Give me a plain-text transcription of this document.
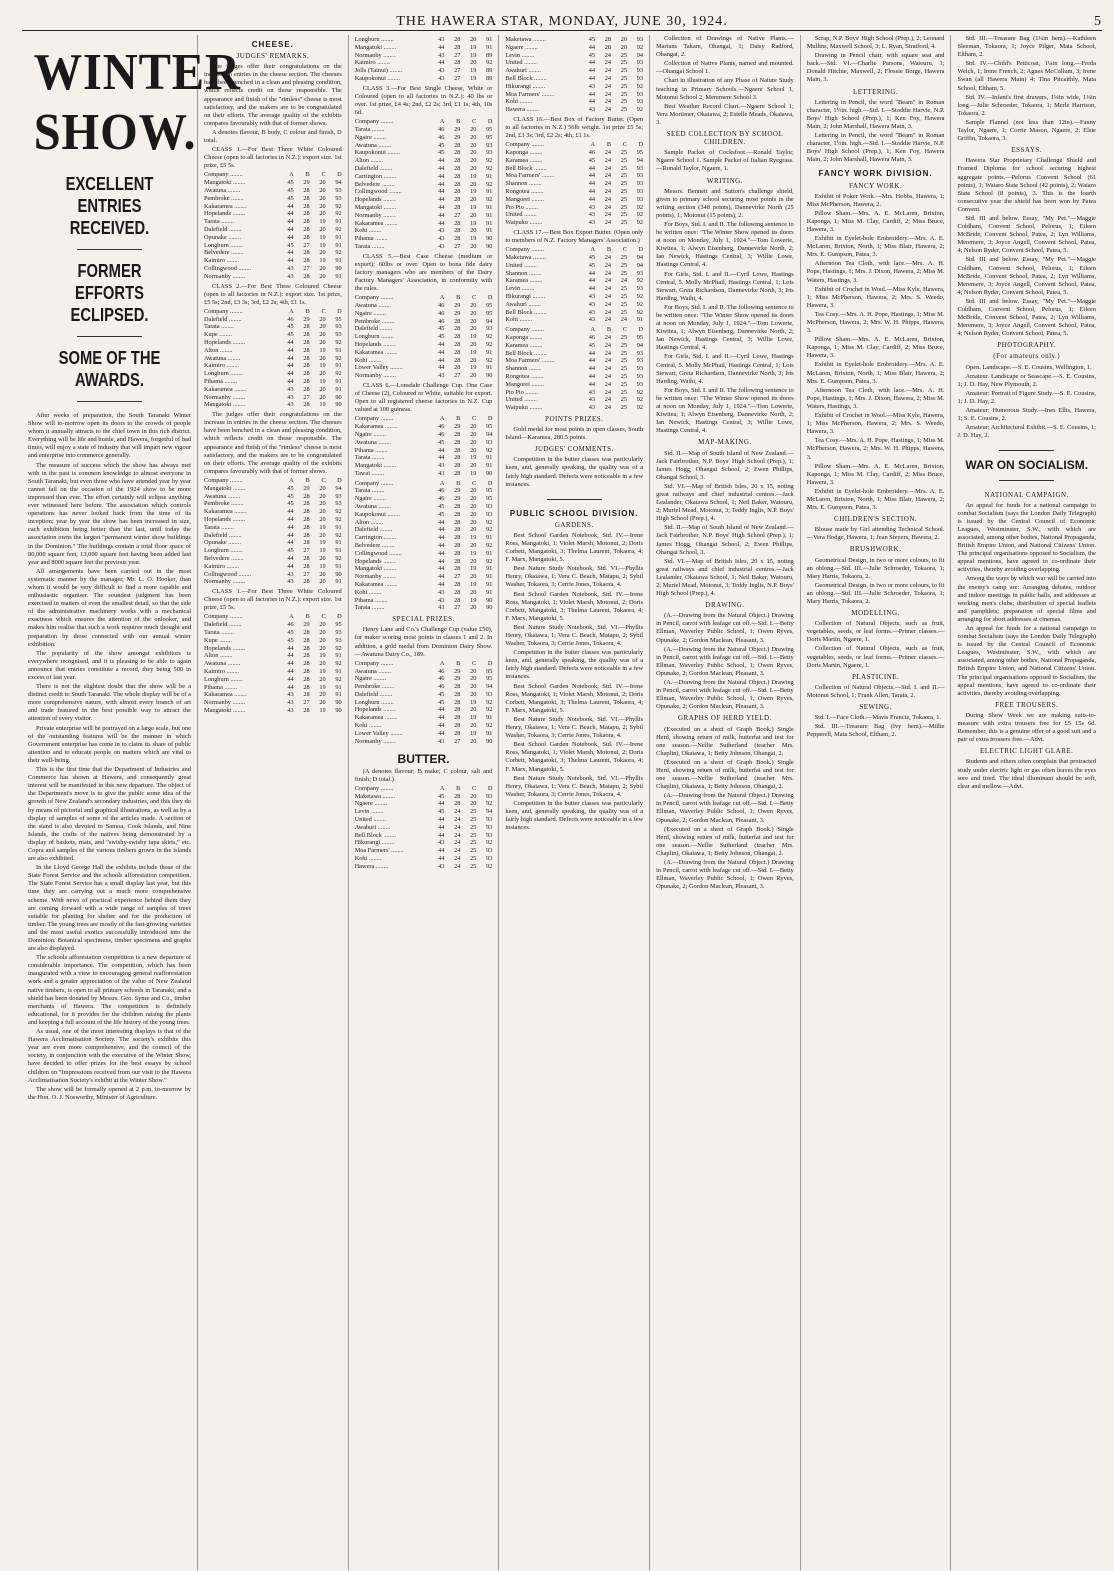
THE HAWERA STAR, MONDAY, JUNE 30, 1924.	5
WINTER SHOW.
EXCELLENT ENTRIES RECEIVED.
FORMER EFFORTS ECLIPSED.
SOME OF THE AWARDS.

After weeks of preparation, the South Taranaki Winter Show will to-morrow open its doors to the crowds of people whom it annually attracts to the chief town in this rich district. Everything will be life and bustle, and Hawera, forgetful of bad times, will enjoy a state of industry that will impart new vigour and enterprise into commerce generally.

The measure of success which the show has always met with in the past is common knowledge to almost everyone in South Taranaki, but even those who have attended year by year cannot fail on the occasion of the 1924 show to be more impressed than ever. The effort certainly will eclipse anything ever witnessed here before. The association which controls operations has never looked back from the time of its inception; year by year the show has been increased in size, each exhibition being better than the last, until today the association owns the largest "permanent winter show buildings in the Dominion." The buildings contain a total floor space of 80,000 square feet, 13,000 square feet having been added last year and 8000 square feet the previous year.

All arrangements have been carried out in the most systematic manner by the manager, Mr. L. O. Hooker, than whom it would be very difficult to find a more capable and enthusiastic organiser. The soundest judgment has been exercised in matters of even the smallest detail, so that the side of the administrative machinery works with a mechanical exactness which ensures the attention of the onlooker, and makes him realise that such a work requires much thought and preparation by those connected with our annual winter exhibition.

The popularity of the show amongst exhibitors is everywhere recognised, and it is pleasing to be able to again announce that entries constitute a record, they being 500 in excess of last year.

There is not the slightest doubt that the show will be a distinct credit to South Taranaki. The whole display will be of a more comprehensive nature, with almost every branch of art and trade featured in the best possible way to attract the attention of every visitor.

Private enterprise will be portrayed on a large scale, but one of the outstanding features will be the manner in which Government enterprise has come in to claim its share of public attention and to educate people on matters which are vital to their well-being.

This is the first time that the Department of Industries and Commerce has shown at Hawera, and consequently great interest will be manifested in this new departure. The object of the Department's move is to give the public some idea of the growth of New Zealand's secondary industries, and this they do by means of pictorial and graphical illustrations, as well as by a display of samples of some of the articles made. A section of the stand is also devoted to Samoa, Cook Islands, and Nine Islands, the crafts of the natives being demonstrated by a display of baskets, mats, and "swishy-swishy tapa skirts," etc. Copra and samples of the various timbers grown in the islands are also exhibited.

In the Lloyd George Hall the exhibits include those of the State Forest Service and the schools afforestation competition. The State Forest Service has a small display last year, but this time they are carrying out a much more comprehensive scheme. With news of practical experience behind them they are coming forward with a wide range of samples of trees suitable for planting for shelter and for the production of timber. The young trees are mostly of the fast-growing varieties and the most useful exotics successfully introduced into the Dominion. Botanical specimens, timber specimens and graphs are also displayed.

The schools afforestation competition is a new departure of considerable importance. The competition, which has been inaugurated with a view to encouraging general reafforestation work and a greater appreciation of the value of New Zealand native timbers, is open to all primary schools in Taranaki, and a shield has been donated by Messrs. Geo. Syme and Co., timber merchants of Hawera. The competition is definitely educational, for it provides for the children raising the plants and keeping a full account of the life history of the young trees.

As usual, one of the most interesting displays is that of the Hawera Acclimatisation Society. The society's exhibits this year are even more comprehensive, and the council of the society, in conjunction with the executive of the Winter Show, have decided to offer prizes for the best essays by school children on "Impressions received from our visit to the Hawera Acclimatisation Society's exhibit at the Winter Show."

The show will be formally opened at 2 p.m. to-morrow by the Hon. O. J. Nosworthy, Minister of Agriculture.

CHEESE.
JUDGES' REMARKS.

The judges offer their congratulations on the increase in entries in the cheese section. The cheeses have been benched in a clean and pleasing condition, which reflects credit on those responsible. The appearance and finish of the "rimless" cheese is most satisfactory, and the makers are to be congratulated on their efforts. The average quality of the exhibits compares favourably with that of former shows.

A denotes flavour, B body, C colour and finish, D total.

CLASS 1.—For Best Three White Coloured Cheese (open to all factories in N.Z.): export size. 1st prize, £5 5s.

Company ........	A	B	C	D
Mangatoki ........	45	29	20	94
Awatuna ........	45	28	20	93
Pembroke ........	45	28	20	93
Kakaramea ........	44	28	20	92
Hopelands ........	44	28	20	92
Tarata ........	44	28	19	91
Dalefield ........	44	28	20	92
Opunake ........	44	28	19	91
Longburn ........	45	27	19	91
Belvedere ........	44	28	20	92
Kaimiro ........	44	28	19	91
Collingwood ........	43	27	20	90
Normanby ........	43	28	20	91

CLASS 2.—For Best Three Coloured Cheese (open to all factories in N.Z.): export size. 1st prize, £5 5s; 2nd, £3 3s; 3rd, £2 2s; 4th, £1 1s.

Company ........	A	B	C	D
Dalefield ........	46	29	20	95
Tarata ........	45	28	20	93
Kupe ........	45	28	20	93
Hopelands ........	44	28	20	92
Alton ........	44	28	19	91
Awatuna ........	44	28	20	92
Kaimiro ........	44	28	19	91
Longburn ........	44	28	20	92
Pihama ........	44	28	19	91
Kakaramea ........	43	28	20	91
Normanby ........	43	27	20	90
Mangatoki ........	43	28	19	90

The judges offer their congratulations on the increase in entries in the cheese section. The cheeses have been benched in a clean and pleasing condition, which reflects credit on those responsible. The appearance and finish of the "rimless" cheese is most satisfactory, and the makers are to be congratulated on their efforts. The average quality of the exhibits compares favourably with that of former shows.

Company ........	A	B	C	D
Mangatoki ........	45	29	20	94
Awatuna ........	45	28	20	93
Pembroke ........	45	28	20	93
Kakaramea ........	44	28	20	92
Hopelands ........	44	28	20	92
Tarata ........	44	28	19	91
Dalefield ........	44	28	20	92
Opunake ........	44	28	19	91
Longburn ........	45	27	19	91
Belvedere ........	44	28	20	92
Kaimiro ........	44	28	19	91
Collingwood ........	43	27	20	90
Normanby ........	43	28	20	91

CLASS 1.—For Best Three White Coloured Cheese (open to all factories in N.Z.): export size. 1st prize, £5 5s.

Company ........	A	B	C	D
Dalefield ........	46	29	20	95
Tarata ........	45	28	20	93
Kupe ........	45	28	20	93
Hopelands ........	44	28	20	92
Alton ........	44	28	19	91
Awatuna ........	44	28	20	92
Kaimiro ........	44	28	19	91
Longburn ........	44	28	20	92
Pihama ........	44	28	19	91
Kakaramea ........	43	28	20	91
Normanby ........	43	27	20	90
Mangatoki ........	43	28	19	90
Longburn ........	43	28	20	91
Mangatoki ........	44	28	19	91
Normanby ........	43	27	19	89
Kaimiro ........	44	28	20	92
Jolls (Tainui) ........	43	27	19	89
Kaupokonui ........	43	27	19	89

CLASS 3.—For Best Single Cheese, White or Coloured (open to all factories in N.Z.): 40 lbs or over. 1st prize, £4 4s; 2nd, £2 2s; 3rd, £1 1s; 4th, 10s 6d.

Company ........	A	B	C	D
Tarata ........	46	29	20	95
Ngaire ........	46	29	20	95
Awatuna ........	45	28	20	93
Kaupokonui ........	45	28	20	93
Alton ........	44	28	20	92
Dalefield ........	44	28	20	92
Carrington ........	44	28	19	91
Belvedere ........	44	28	20	92
Collingwood ........	44	28	19	91
Hopelands ........	44	28	20	92
Mangatoki ........	44	28	19	91
Normanby ........	44	27	20	91
Kakaramea ........	44	28	19	91
Kohi ........	43	28	20	91
Pihama ........	43	28	19	90
Tarata ........	43	27	20	90

CLASS 5.—Best Case Cheese (medium or export); 60lbs or over. Open to bona fide dairy factory managers who are members of the Dairy Factory Managers' Association, in conformity with the rules.

Company ........	A	B	C	D
Awatuna ........	46	29	20	95
Ngaire ........	46	29	20	95
Pembroke ........	46	28	20	94
Dalefield ........	45	28	20	93
Longburn ........	45	28	19	92
Hopelands ........	44	28	20	92
Kakaramea ........	44	28	19	91
Kohi ........	44	28	20	92
Lower Valley ........	44	28	19	91
Normanby ........	43	27	20	90

CLASS 6.—Lonsdale Challenge Cup. One Case of Cheese (2), Coloured or White, suitable for export. Open to all registered cheese factories in N.Z. Cup valued at 100 guineas.

Company ........	A	B	C	D
Kakaramea ........	46	29	20	95
Ngaire ........	46	28	20	94
Awatuna ........	45	28	20	93
Pihama ........	44	28	20	92
Tarata ........	44	28	19	91
Mangatoki ........	43	28	20	91
Tawai ........	43	28	19	90
Company ........	A	B	C	D
Tarata ........	46	29	20	95
Ngaire ........	46	29	20	95
Awatuna ........	45	28	20	93
Kaupokonui ........	45	28	20	93
Alton ........	44	28	20	92
Dalefield ........	44	28	20	92
Carrington ........	44	28	19	91
Belvedere ........	44	28	20	92
Collingwood ........	44	28	19	91
Hopelands ........	44	28	20	92
Mangatoki ........	44	28	19	91
Normanby ........	44	27	20	91
Kakaramea ........	44	28	19	91
Kohi ........	43	28	20	91
Pihama ........	43	28	19	90
Tarata ........	43	27	20	90
SPECIAL PRIZES.

Henry Lane and Co.'s Challenge Cup (value £50), for maker scoring most points in classes 1 and 2. In addition, a gold medal from Dominion Dairy Show.—Awatuna Dairy Co., 189.

Company ........	A	B	C	D
Awatuna ........	46	29	20	95
Ngaire ........	46	29	20	95
Pembroke ........	46	28	20	94
Dalefield ........	45	28	20	93
Longburn ........	45	28	19	92
Hopelands ........	44	28	20	92
Kakaramea ........	44	28	19	91
Kohi ........	44	28	20	92
Lower Valley ........	44	28	19	91
Normanby ........	43	27	20	90
BUTTER.

(A denotes flavour; B make; C colour, salt and finish; D total.)

Company ........	A	B	C	D
Maketawa ........	45	28	20	93
Ngaere ........	44	28	20	92
Levin ........	45	24	25	94
United ........	44	24	25	93
Awahuri ........	44	24	25	93
Bell Block ........	44	24	25	93
Hikurangi ........	43	24	25	92
Moa Farmers' ........	44	24	25	93
Kohi ........	44	24	25	93
Hawera ........	43	24	25	92
Maketawa ........	45	28	20	93
Ngaere ........	44	28	20	92
Levin ........	45	24	25	94
United ........	44	24	25	93
Awahuri ........	44	24	25	93
Bell Block ........	44	24	25	93
Hikurangi ........	43	24	25	92
Moa Farmers' ........	44	24	25	93
Kohi ........	44	24	25	93
Hawera ........	43	24	25	92

CLASS 16.—Best Box of Factory Butter. (Open to all factories in N.Z.) 56lb weight. 1st prize £5 5s; 2nd, £3 3s; 3rd, £2 2s; 4th, £1 1s.

Company ........	A	B	C	D
Kaponga ........	46	24	25	95
Karamea ........	45	24	25	94
Bell Block ........	44	24	25	93
Moa Farmers' ........	44	24	25	93
Shannon ........	44	24	25	93
Rongotea ........	44	24	25	93
Mangorei ........	44	24	25	93
Pio Pio ........	43	24	25	92
United ........	43	24	25	92
Waipuku ........	43	24	25	92

CLASS 17.—Best Box Export Butter. (Open only to members of N.Z. Factory Managers' Association.)

Company ........	A	B	C	D
Maketawa ........	45	24	25	94
United ........	45	24	25	94
Shannon ........	44	24	25	93
Karamea ........	44	24	24	92
Levin ........	44	24	25	93
Hikurangi ........	43	24	25	92
Awahuri ........	43	24	25	92
Bell Block ........	43	24	25	92
Kohi ........	43	24	24	91
Company ........	A	B	C	D
Kaponga ........	46	24	25	95
Karamea ........	45	24	25	94
Bell Block ........	44	24	25	93
Moa Farmers' ........	44	24	25	93
Shannon ........	44	24	25	93
Rongotea ........	44	24	25	93
Mangorei ........	44	24	25	93
Pio Pio ........	43	24	25	92
United ........	43	24	25	92
Waipuku ........	43	24	25	92
POINTS PRIZES.

Gold medal for most points in open classes, South Island—Karamea, 280.5 points.

JUDGES' COMMENTS.

Competition in the butter classes was particularly keen, and, generally speaking, the quality was of a fairly high standard. Defects were noticeable in a few instances.

PUBLIC SCHOOL DIVISION.
GARDENS.

Best School Garden Notebook, Std. IV.—Irene Ross, Mangatoki, 1; Violet Marsh, Motonui, 2; Doris Corbett, Mangatoki, 3; Thelma Laurent, Tokaora, 4; F. Marx, Mangatoki, 5.

Best Nature Study Notebook, Std. VI.—Phyllis Henry, Okaiawa, 1; Vera C. Beach, Matapu, 2; Sybil Washer, Tokaora, 3; Cerrie Jones, Tokaora, 4.

Best School Garden Notebook, Std. IV.—Irene Ross, Mangatoki, 1; Violet Marsh, Motonui, 2; Doris Corbett, Mangatoki, 3; Thelma Laurent, Tokaora, 4; F. Marx, Mangatoki, 5.

Best Nature Study Notebook, Std. VI.—Phyllis Henry, Okaiawa, 1; Vera C. Beach, Matapu, 2; Sybil Washer, Tokaora, 3; Cerrie Jones, Tokaora, 4.

Competition in the butter classes was particularly keen, and, generally speaking, the quality was of a fairly high standard. Defects were noticeable in a few instances.

Best School Garden Notebook, Std. IV.—Irene Ross, Mangatoki, 1; Violet Marsh, Motonui, 2; Doris Corbett, Mangatoki, 3; Thelma Laurent, Tokaora, 4; F. Marx, Mangatoki, 5.

Best Nature Study Notebook, Std. VI.—Phyllis Henry, Okaiawa, 1; Vera C. Beach, Matapu, 2; Sybil Washer, Tokaora, 3; Cerrie Jones, Tokaora, 4.

Best School Garden Notebook, Std. IV.—Irene Ross, Mangatoki, 1; Violet Marsh, Motonui, 2; Doris Corbett, Mangatoki, 3; Thelma Laurent, Tokaora, 4; F. Marx, Mangatoki, 5.

Best Nature Study Notebook, Std. VI.—Phyllis Henry, Okaiawa, 1; Vera C. Beach, Matapu, 2; Sybil Washer, Tokaora, 3; Cerrie Jones, Tokaora, 4.

Competition in the butter classes was particularly keen, and, generally speaking, the quality was of a fairly high standard. Defects were noticeable in a few instances.

Collection of Drawings of Native Plants.—Marians Takare, Ohangai, 1; Daisy Radford, Ohangai, 2.

Collection of Native Plants, named and mounted.—Ohangai School 1.

Chart in illustration of any Phase of Nature Study teaching in Primary Schools.—Ngaere School 1, Motonui School 2, Meremere School 3.

Best Weather Record Chart.—Ngaere School 1; Vera Mortimer, Okaiawa, 2; Estelle Meads, Okaiawa, 3.

SEED COLLECTION BY SCHOOL CHILDREN.

Sample Packet of Cocksfoot.—Ronald Taylor, Ngaere School 1. Sample Packet of Italian Ryegrass.—Ronald Taylor, Ngaere, 1.

WRITING.

Messrs. Bennett and Sutton's challenge shield, given to primary school securing most points in the writing section (348 points), Dannevirke North (25 points), 1; Motonui (15 points), 2.

For Boys, Std. I. and II. The following sentence to be written once: "The Winter Show opened its doors at noon on Monday, July 1, 1924."—Tom Lowerie, Kiwitea, 1; Alwyn Eisenberg, Dannevirke North, 2; Ian Newick, Hastings Central, 3; Willie Lowe, Hastings Central, 4.

For Girls, Std. I. and II.—Cyril Lowe, Hastings Central, 5. Molly McPhail, Hastings Central, 1; Lois Stewart, Greta Richardson, Dannevirke North, 3; Iris Harding, Waihi, 4.

For Boys, Std. I. and II. The following sentence to be written once: "The Winter Show opened its doors at noon on Monday, July 1, 1924."—Tom Lowerie, Kiwitea, 1; Alwyn Eisenberg, Dannevirke North, 2; Ian Newick, Hastings Central, 3; Willie Lowe, Hastings Central, 4.

For Girls, Std. I. and II.—Cyril Lowe, Hastings Central, 5. Molly McPhail, Hastings Central, 1; Lois Stewart, Greta Richardson, Dannevirke North, 3; Iris Harding, Waihi, 4.

For Boys, Std. I. and II. The following sentence to be written once: "The Winter Show opened its doors at noon on Monday, July 1, 1924."—Tom Lowerie, Kiwitea, 1; Alwyn Eisenberg, Dannevirke North, 2; Ian Newick, Hastings Central, 3; Willie Lowe, Hastings Central, 4.

MAP-MAKING.

Std. II.—Map of South Island of New Zealand.—Jack Fairbrother, N.P. Boys' High School (Prep.), 1; James Hogg, Ohangai School, 2; Ewen Phillips, Ohangai School, 3.

Std. VI.—Map of British Isles, 20 x 15, noting great railways and chief industrial centres.—Jack Lealander, Okaiawa School, 1; Neil Baker, Waiouru, 2; Muriel Mead, Motonui, 3; Teddy Inglis, N.P. Boys' High School (Prep.), 4.

Std. II.—Map of South Island of New Zealand.—Jack Fairbrother, N.P. Boys' High School (Prep.), 1; James Hogg, Ohangai School, 2; Ewen Phillips, Ohangai School, 3.

Std. VI.—Map of British Isles, 20 x 15, noting great railways and chief industrial centres.—Jack Lealander, Okaiawa School, 1; Neil Baker, Waiouru, 2; Muriel Mead, Motonui, 3; Teddy Inglis, N.P. Boys' High School (Prep.), 4.

DRAWING.

(A.—Drawing from the Natural Object.) Drawing in Pencil, carrot with leafage cut off.—Std. I.—Betty Ellman, Waverley Public School, 1; Owen Ryves, Opunake, 2; Gordon Maclean, Pleasant, 3.

(A.—Drawing from the Natural Object.) Drawing in Pencil, carrot with leafage cut off.—Std. I.—Betty Ellman, Waverley Public School, 1; Owen Ryves, Opunake, 2; Gordon Maclean, Pleasant, 3.

(A.—Drawing from the Natural Object.) Drawing in Pencil, carrot with leafage cut off.—Std. I.—Betty Ellman, Waverley Public School, 1; Owen Ryves, Opunake, 2; Gordon Maclean, Pleasant, 3.

GRAPHS OF HERD YIELD.

(Executed on a sheet of Graph Book.) Single Herd, showing return of milk, butterfat and test for one season.—Nellie Sutherland (teacher Mrs. Chaplin), Okaiawa, 1; Betty Johnson, Ohangai, 2.

(Executed on a sheet of Graph Book.) Single Herd, showing return of milk, butterfat and test for one season.—Nellie Sutherland (teacher Mrs. Chaplin), Okaiawa, 1; Betty Johnson, Ohangai, 2.

(A.—Drawing from the Natural Object.) Drawing in Pencil, carrot with leafage cut off.—Std. I.—Betty Ellman, Waverley Public School, 1; Owen Ryves, Opunake, 2; Gordon Maclean, Pleasant, 3.

(Executed on a sheet of Graph Book.) Single Herd, showing return of milk, butterfat and test for one season.—Nellie Sutherland (teacher Mrs. Chaplin), Okaiawa, 1; Betty Johnson, Ohangai, 2.

(A.—Drawing from the Natural Object.) Drawing in Pencil, carrot with leafage cut off.—Std. I.—Betty Ellman, Waverley Public School, 1; Owen Ryves, Opunake, 2; Gordon Maclean, Pleasant, 3.

Scrap, N.P. Boys' High School (Prep.), 2; Leonard Mullins, Maxwell School, 3; L. Ryan, Stratford, 4.

Drawing in Pencil chair, with square seat and back.—Std. VI.—Charlie Parsons, Waiouru, 1; Donald Hitchie, Maxwell, 2; Flossie Borge, Hawera Main, 3.

LETTERING.

Lettering in Pencil, the word "Beam" in Roman character, 1½in. high.—Std. I.—Stoddie Harvie, N.P. Boys' High School (Prep.), 1; Ken Foy, Hawera Main, 2; John Marshall, Hawera Main, 3.

Lettering in Pencil, the word "Beam" in Roman character, 1½in. high.—Std. I.—Stoddie Harvie, N.P. Boys' High School (Prep.), 1; Ken Foy, Hawera Main, 2; John Marshall, Hawera Main, 3.

FANCY WORK DIVISION.
FANCY WORK.

Exhibit of Poker Work.—Mrs. Hobbs, Hawera, 1; Miss McPherson, Hawera, 2.

Pillow Sham.—Mrs. A. E. McLaren, Brixton, Kaponga, 1; Miss M. Clay, Cardiff, 2; Miss Bruce, Hawera, 3.

Exhibit in Eyelet-hole Embroidery.—Mrs. A. E. McLaren, Brixton, North, 1; Miss Blair, Hawera, 2; Mrs. E. Gumpson, Patea, 3.

Afternoon Tea Cloth, with lace.—Mrs. A. H. Pope, Hastings, 1; Mrs. J. Dixon, Hawera, 2; Miss M. Waters, Hastings, 3.

Exhibit of Crochet in Wool.—Miss Kyle, Hawera, 1; Miss McPherson, Hawera, 2; Mrs. S. Weedo, Hawera, 3.

Tea Cosy.—Mrs. A. H. Pope, Hastings, 1; Miss M. McPherson, Hawera, 2; Mrs. W. H. Phipps, Hawera, 3.

Pillow Sham.—Mrs. A. E. McLaren, Brixton, Kaponga, 1; Miss M. Clay, Cardiff, 2; Miss Bruce, Hawera, 3.

Exhibit in Eyelet-hole Embroidery.—Mrs. A. E. McLaren, Brixton, North, 1; Miss Blair, Hawera, 2; Mrs. E. Gumpson, Patea, 3.

Afternoon Tea Cloth, with lace.—Mrs. A. H. Pope, Hastings, 1; Mrs. J. Dixon, Hawera, 2; Miss M. Waters, Hastings, 3.

Exhibit of Crochet in Wool.—Miss Kyle, Hawera, 1; Miss McPherson, Hawera, 2; Mrs. S. Weedo, Hawera, 3.

Tea Cosy.—Mrs. A. H. Pope, Hastings, 1; Miss M. McPherson, Hawera, 2; Mrs. W. H. Phipps, Hawera, 3.

Pillow Sham.—Mrs. A. E. McLaren, Brixton, Kaponga, 1; Miss M. Clay, Cardiff, 2; Miss Bruce, Hawera, 3.

Exhibit in Eyelet-hole Embroidery.—Mrs. A. E. McLaren, Brixton, North, 1; Miss Blair, Hawera, 2; Mrs. E. Gumpson, Patea, 3.

CHILDREN'S SECTION.

Blouse made by Girl attending Technical School.—Vera Hodge, Hawera, 1; Jean Steyers, Hawera, 2.

BRUSHWORK.

Geometrical Design, in two or more colours, to fit an oblong.—Std. III.—Julie Schroeder, Tokaora, 1; Mary Harris, Tokaora, 2.

Geometrical Design, in two or more colours, to fit an oblong.—Std. III.—Julie Schroeder, Tokaora, 1; Mary Harris, Tokaora, 2.

MODELLING.

Collection of Natural Objects, such as fruit, vegetables, seeds, or leaf forms.—Primer classes.—Doris Martin, Ngaere, 1.

Collection of Natural Objects, such as fruit, vegetables, seeds, or leaf forms.—Primer classes.—Doris Martin, Ngaere, 1.

PLASTICINE.

Collection of Natural Objects.—Std. I. and II.—Motonui School, 1; Frank Allen, Tarata, 2.

SEWING.

Std. I.—Face Cloth.—Mavis Francie, Tokaora, 1.

Std. III.—Treasure Bag (Ivy hem).—Millie Pepperell, Mata School, Eltham, 2.

Std. III.—Treasure Bag (1¼in hem).—Kathleen Sleeman, Tokaora, 1; Joyce Pilger, Mata School, Eltham, 2.

Std. IV.—Child's Petticoat, 1¼in long.—Freda Welch, 1; Irene French, 2; Agnes McCollum, 3; Irene Swan (all Hawera Main) 4; Tina Pitcaithly, Mata School, Eltham, 5.

Std. IV.—Infant's first drawers, 1¼in wide, 1¼in long.—Julie Schroeder, Tokaora, 1; Merle Harrison, Tokaora, 2.

Sample Flannel (not less than 12in).—Fanny Taylor, Ngaere, 1; Corrie Mason, Ngaere, 2; Elsie Griffin, Tokaora, 3.

ESSAYS.

Hawera Star Proprietary Challenge Shield and Framed Diploma for school securing highest aggregate points.—Pelorus Convent School (61 points), 1; Waiaro State School (42 points), 2; Waiaro State School (8 points), 3. This is the fourth consecutive year the shield has been won by Patea Convent.

Std. III and below. Essay, "My Pet."—Maggie Coldham, Convent School, Pelorus, 1; Eileen McBride, Convent School, Patea, 2; Lyn Williams, Meremere, 3; Joyce Angell, Convent School, Patea, 4; Nelson Ryder, Convent School, Patea, 5.

Std. III and below. Essay, "My Pet."—Maggie Coldham, Convent School, Pelorus, 1; Eileen McBride, Convent School, Patea, 2; Lyn Williams, Meremere, 3; Joyce Angell, Convent School, Patea, 4; Nelson Ryder, Convent School, Patea, 5.

Std. III and below. Essay, "My Pet."—Maggie Coldham, Convent School, Pelorus, 1; Eileen McBride, Convent School, Patea, 2; Lyn Williams, Meremere, 3; Joyce Angell, Convent School, Patea, 4; Nelson Ryder, Convent School, Patea, 5.

PHOTOGRAPHY.
(For amateurs only.)

Open. Landscape.—S. E. Cousins, Wellington, 1.

Amateur. Landscape or Seascape.—S. E. Cousins, 1; J. D. Hay, New Plymouth, 2.

Amateur: Portrait of Figure Study.—S. E. Cousins, 1; J. D. Hay, 2.

Amateur: Humorous Study.—Ines Ellis, Hawera, 1; S. E. Cousins, 2.

Amateur: Architectural Exhibit.—S. E. Cousins, 1; J. D. Hay, 2.

WAR ON SOCIALISM.
NATIONAL CAMPAIGN.

An appeal for funds for a national campaign to combat Socialism (says the London Daily Telegraph) is issued by the Central Council of Economic Leagues, Westminster, S.W., with which are associated, among other bodies, National Propaganda, British Empire Union, and National Citizens' Union. The principal organisations opposed to Socialism, the appeal mentions, have agreed to co-ordinate their activities, thereby avoiding overlapping.

Among the ways by which war will be carried into the enemy's camp are: Arranging debates, outdoor and indoor meetings in public halls, and addresses at working men's clubs; distribution of special leaflets and pamphlets; preparation of special films and arranging for short addresses at cinemas.

An appeal for funds for a national campaign to combat Socialism (says the London Daily Telegraph) is issued by the Central Council of Economic Leagues, Westminster, S.W., with which are associated, among other bodies, National Propaganda, British Empire Union, and National Citizens' Union. The principal organisations opposed to Socialism, the appeal mentions, have agreed to co-ordinate their activities, thereby avoiding overlapping.

FREE TROUSERS.

During Show Week we are making suits-to-measure with extra trousers free for £5 15s 6d. Remember, this is a genuine offer of a good suit and a pair of extra trousers free.—Advt.

ELECTRIC LIGHT GLARE.

Students and others often complain that protracted study under electric light or gas often leaves the eyes sore and tired. The ideal illuminant should be soft, clear and mellow.—Advt.
